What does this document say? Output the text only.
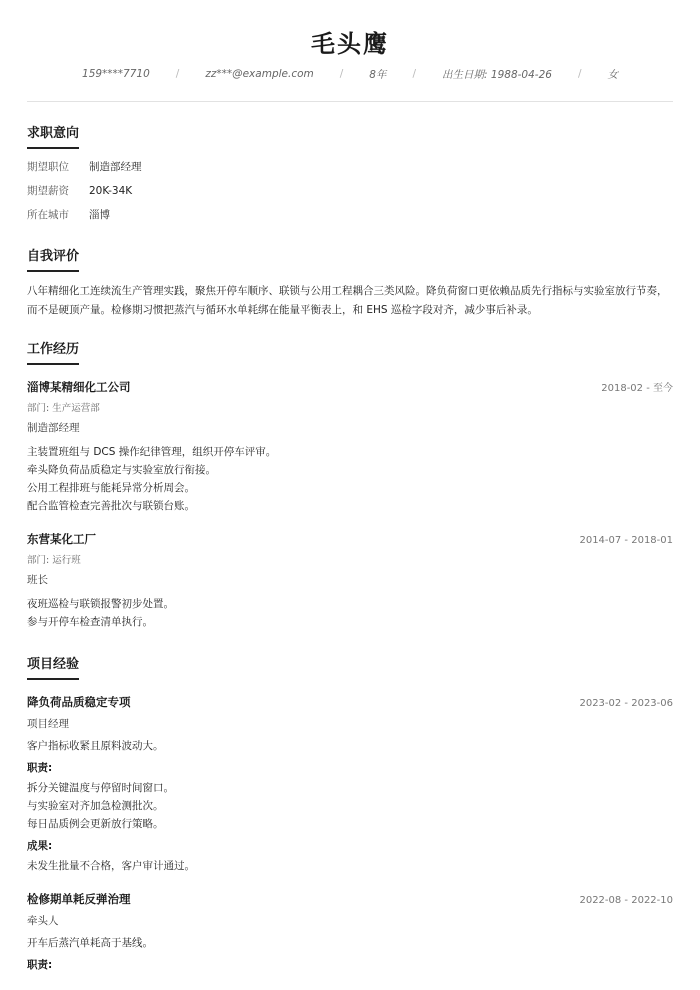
毛头鹰
159****7710 / zz***@example.com / 8年 / 出生日期: 1988-04-26 / 女
求职意向
期望职位	制造部经理
期望薪资	20K-34K
所在城市	淄博
自我评价
八年精细化工连续流生产管理实践，聚焦开停车顺序、联锁与公用工程耦合三类风险。降负荷窗口更依赖品质先行指标与实验室放行节奏，而不是硬顶产量。检修期习惯把蒸汽与循环水单耗绑在能量平衡表上，和 EHS 巡检字段对齐，减少事后补录。
工作经历
淄博某精细化工公司	2018-02 - 至今
部门: 生产运营部
制造部经理
主装置班组与 DCS 操作纪律管理，组织开停车评审。
牵头降负荷品质稳定与实验室放行衔接。
公用工程排班与能耗异常分析周会。
配合监管检查完善批次与联锁台账。
东营某化工厂	2014-07 - 2018-01
部门: 运行班
班长
夜班巡检与联锁报警初步处置。
参与开停车检查清单执行。
项目经验
降负荷品质稳定专项	2023-02 - 2023-06
项目经理
客户指标收紧且原料波动大。
职责:
拆分关键温度与停留时间窗口。
与实验室对齐加急检测批次。
每日品质例会更新放行策略。
成果:
未发生批量不合格，客户审计通过。
检修期单耗反弹治理	2022-08 - 2022-10
牵头人
开车后蒸汽单耗高于基线。
职责:
